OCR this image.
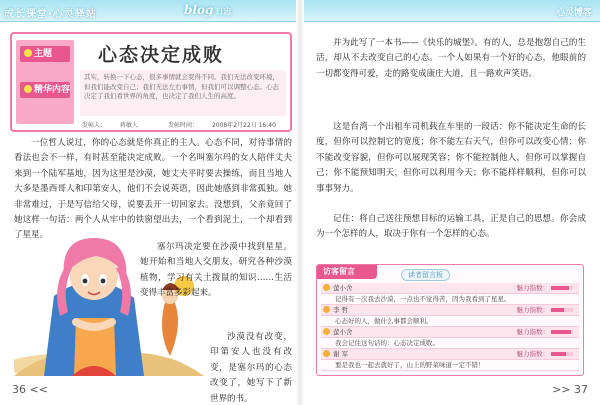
成长课堂·心灵驿站	blog 日志	心灵博客
主题
精华内容
心态决定成败
其实，转换一下心态，很多事情就会变得不同。我们无法改变环境，但我们能改变自己；我们无法左右事情，但我们可以调整心态。心态决定了我们看世界的角度，也决定了我们人生的高度。
发帖人： 蒋敏人	发帖时间： 2008年2月22日 16:40
一位哲人说过，你的心态就是你真正的主人。心态不同，对待事情的看法也会不一样，有时甚至能决定成败。一个名叫塞尔玛的女人陪伴丈夫来到一个陆军基地，因为这里是沙漠，她丈夫平时要去操练，而且当地人大多是墨西哥人和印第安人，他们不会说英语，因此她感到非常孤独。她非常难过，于是写信给父母，说要丢开一切回家去。没想到，父亲竟回了她这样一句话：两个人从牢中的铁窗望出去，一个看到泥土，一个却看到了星星。
塞尔玛决定要在沙漠中找到星星。她开始和当地人交朋友，研究各种沙漠植物，学习有关土拨鼠的知识……生活变得丰富多彩起来。
沙漠没有改变，印第安人也没有改变，是塞尔玛的心态改变了，她写下了新世界的书。
36 <<
并为此写了一本书——《快乐的城堡》。有的人，总是抱怨自己的生活，却从不去改变自己的心态。一个人如果有一个好的心态，他眼前的一切都变得可爱，走的路变成康庄大道，且一路欢声笑语。
这是台湾一个出租车司机载在车里的一段话：你不能决定生命的长度，但你可以控制它的宽度；你不能左右天气，但你可以改变心情；你不能改变容貌，但你可以展现笑容；你不能控制他人，但你可以掌握自己；你不能预知明天，但你可以利用今天；你不能样样顺利，但你可以事事努力。
记住：将自己送往预想目标的运输工具，正是自己的思想。你会成为一个怎样的人，取决于你有一个怎样的心态。
访客留言	读者留言板
萤小舍	魅力指数：
记得有一次我去沙漠，一点也不觉得苦，因为我看到了星星。
李 哲	魅力指数：
心态好的人，做什么事都会顺利。
萤小舍	魅力指数：
我会记住这句话的：心态决定成败。
谢 军	魅力指数：
要是我也一起去就好了，山上的野菜味道一定不错！
>> 37
